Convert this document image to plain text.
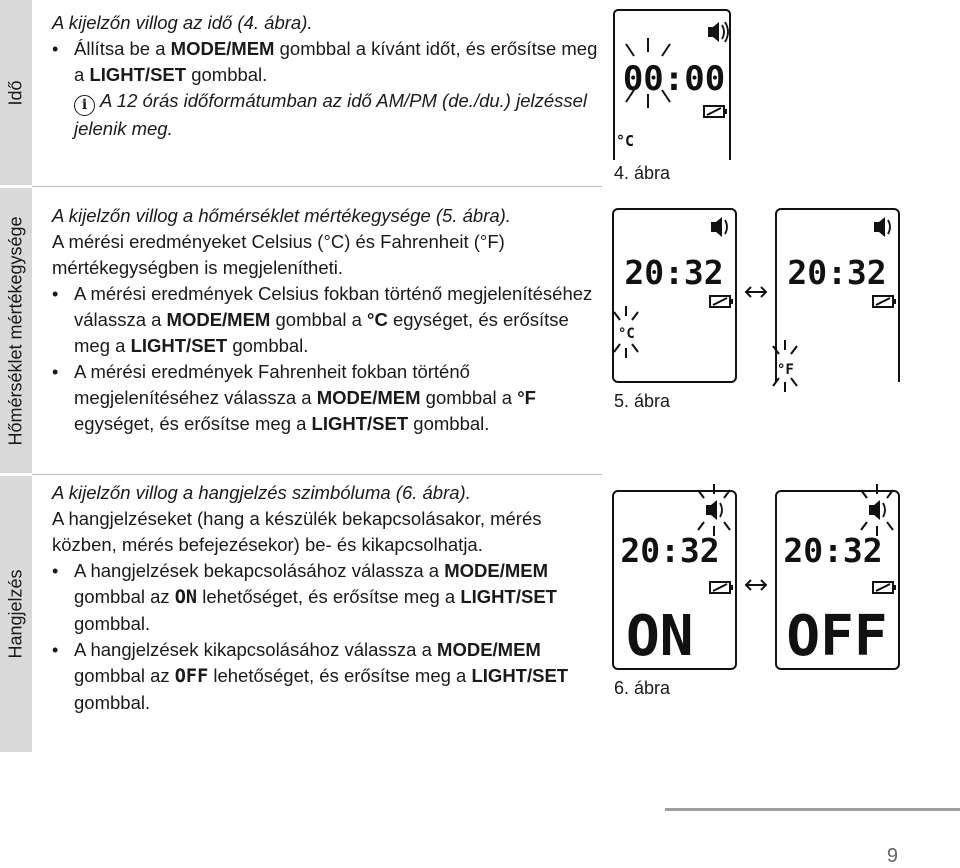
Idő
Hőmérséklet mértékegysége
Hangjelzés

A kijelzőn villog az idő (4. ábra).

• Állítsa be a MODE/MEM gombbal a kívánt időt, és erősítse meg a LIGHT/SET gombbal.
i A 12 órás időformátumban az idő AM/PM (de./du.) jelzéssel jelenik meg.

A kijelzőn villog a hőmérséklet mértékegysége (5. ábra).

A mérési eredményeket Celsius (°C) és Fahrenheit (°F) mértékegységben is megjelenítheti.

• A mérési eredmények Celsius fokban történő megjelenítéséhez válassza a MODE/MEM gombbal a °C egységet, és erősítse meg a LIGHT/SET gombbal.
• A mérési eredmények Fahrenheit fokban történő megjelenítéséhez válassza a MODE/MEM gombbal a °F egységet, és erősítse meg a LIGHT/SET gombbal.

A kijelzőn villog a hangjelzés szimbóluma (6. ábra).

A hangjelzéseket (hang a készülék bekapcsolásakor, mérés közben, mérés befejezésekor) be- és kikapcsolhatja.

• A hangjelzések bekapcsolásához válassza a MODE/MEM gombbal az ON lehetőséget, és erősítse meg a LIGHT/SET gombbal.
• A hangjelzések kikapcsolásához válassza a MODE/MEM gombbal az OFF lehetőséget, és erősítse meg a LIGHT/SET gombbal.
00:00
°C
4. ábra
20:32
°C
5. ábra
20:32
°F
20:32
ON
6. ábra
20:32
OFF
9
